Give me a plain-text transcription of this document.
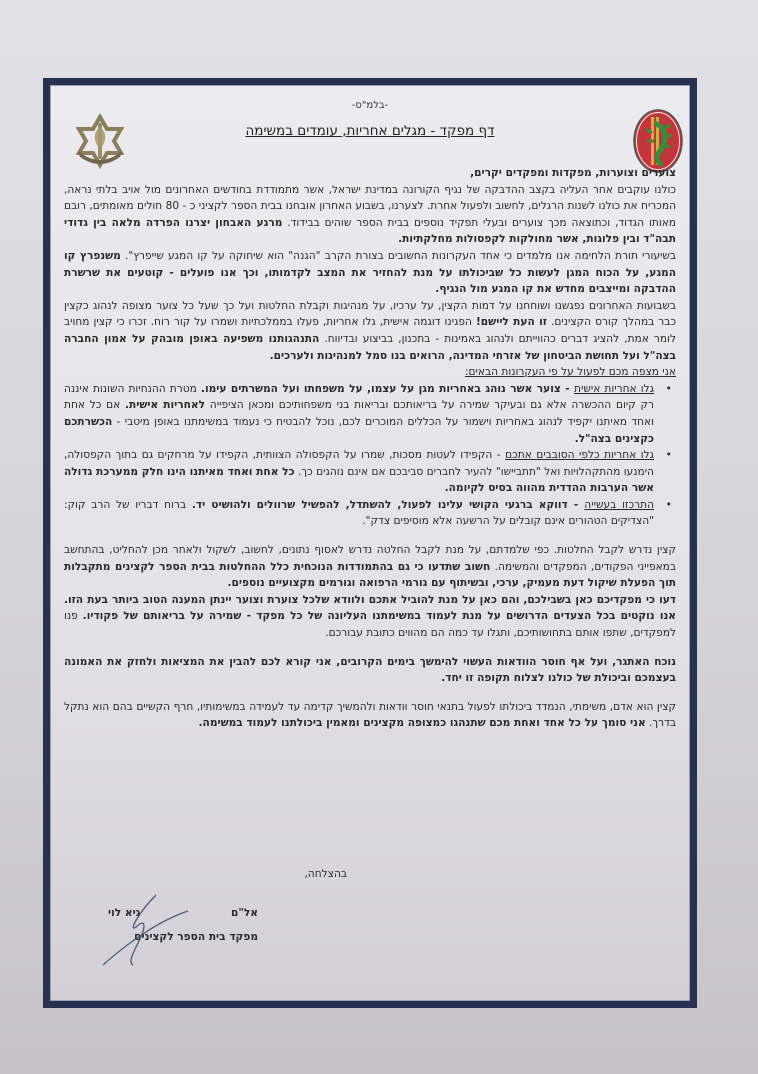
-בלמ"ס-
דף מפקד - מגלים אחריות, עומדים במשימה

צוערים וצוערות, מפקדות ומפקדים יקרים,

כולנו עוקבים אחר העליה בקצב ההדבקה של נגיף הקורונה במדינת ישראל, אשר מתמודדת בחודשים האחרונים מול אויב בלתי נראה, המכריח את כולנו לשנות הרגלים, לחשוב ולפעול אחרת. לצערנו, בשבוע האחרון אובחנו בבית הספר לקציני כ - 80 חולים מאומתים, רובם מאותו הגדוד, וכתוצאה מכך צוערים ובעלי תפקיד נוספים בבית הספר שוהים בבידוד. מרגע האבחון יצרנו הפרדה מלאה בין גדודי תבה"ד ובין פלוגות, אשר מחולקות לקפסולות מחלקתיות.

בשיעורי תורת הלחימה אנו מלמדים כי אחד העקרונות החשובים בצורת הקרב "הגנה" הוא שיחוקה על קו המגע שייפרץ". משנפרץ קו המגע, על הכוח המגן לעשות כל שביכולתו על מנת להחזיר את המצב לקדמותו, וכך אנו פועלים - קוטעים את שרשרת ההדבקה ומייצבים מחדש את קו המגע מול הנגיף.

בשבועות האחרונים נפגשנו ושוחחנו על דמות הקצין, על ערכיו, על מנהיגות וקבלת החלטות ועל כך שעל כל צוער מצופה לנהוג כקצין כבר במהלך קורס הקצינים. זו העת ליישם! הפגינו דוגמה אישית, גלו אחריות, פעלו בממלכתיות ושמרו על קור רוח. זכרו כי קצין מחויב לומר אמת, להציג דברים כהווייתם ולנהוג באמינות - בתכנון, בביצוע ובדיווח. התנהגותנו משפיעה באופן מובהק על אמון החברה בצה"ל ועל תחושת הביטחון של אזרחי המדינה, הרואים בנו סמל למנהיגות ולערכים.

אני מצפה מכם לפעול על פי העקרונות הבאים:

• גלו אחריות אישית - צוער אשר נוהג באחריות מגן על עצמו, על משפחתו ועל המשרתים עימו. מטרת ההנחיות השונות איננה רק קיום ההכשרה אלא גם ובעיקר שמירה על בריאותכם ובריאות בני משפחותיכם ומכאן הציפייה לאחריות אישית. אם כל אחת ואחד מאיתנו יקפיד לנהוג באחריות וישמור על הכללים המוכרים לכם, נוכל להבטיח כי נעמוד במשימתנו באופן מיטבי - הכשרתכם כקצינים בצה"ל.
• גלו אחריות כלפי הסובבים אתכם - הקפידו לעטות מסכות, שמרו על הקפסולה הצוותית, הקפידו על מרחקים גם בתוך הקפסולה, הימנעו מהתקהלויות ואל "תתביישו" להעיר לחברים סביבכם אם אינם נוהגים כך. כל אחת ואחד מאיתנו הינו חלק ממערכת גדולה אשר הערבות ההדדית מהווה בסיס לקיומה.
• התרכזו בעשייה - דווקא ברגעי הקושי עלינו לפעול, להשתדל, להפשיל שרוולים ולהושיט יד. ברוח דבריו של הרב קוק: "הצדיקים הטהורים אינם קובלים על הרשעה אלא מוסיפים צדק".

קצין נדרש לקבל החלטות. כפי שלמדתם, על מנת לקבל החלטה נדרש לאסוף נתונים, לחשוב, לשקול ולאחר מכן להחליט, בהתחשב במאפייני הפקודים, המפקדים והמשימה. חשוב שתדעו כי גם בהתמודדות הנוכחית כלל ההחלטות בבית הספר לקצינים מתקבלות תוך הפעלת שיקול דעת מעמיק, ערכי, ובשיתוף עם גורמי הרפואה וגורמים מקצועיים נוספים.

דעו כי מפקדיכם כאן בשבילכם, והם כאן על מנת להוביל אתכם ולוודא שלכל צוערת וצוער יינתן המענה הטוב ביותר בעת הזו. אנו נוקטים בכל הצעדים הדרושים על מנת לעמוד במשימתנו העליונה של כל מפקד - שמירה על בריאותם של פקודיו. פנו למפקדים, שתפו אותם בתחושותיכם, ותגלו עד כמה הם מהווים כתובת עבורכם.

נוכח האתגר, ועל אף חוסר הוודאות העשוי להימשך בימים הקרובים, אני קורא לכם להבין את המציאות ולחזק את האמונה בעצמכם וביכולת של כולנו לצלוח תקופה זו יחד.

קצין הוא אדם, משימתי, הנמדד ביכולתו לפעול בתנאי חוסר וודאות ולהמשיך קדימה עד לעמידה במשימותיו, חרף הקשיים בהם הוא נתקל בדרך. אני סומך על כל אחד ואחת מכם שתנהגו כמצופה מקצינים ומאמין ביכולתנו לעמוד במשימה.

בהצלחה,
אל"ם
גיא לוי
מפקד בית הספר לקצינים
